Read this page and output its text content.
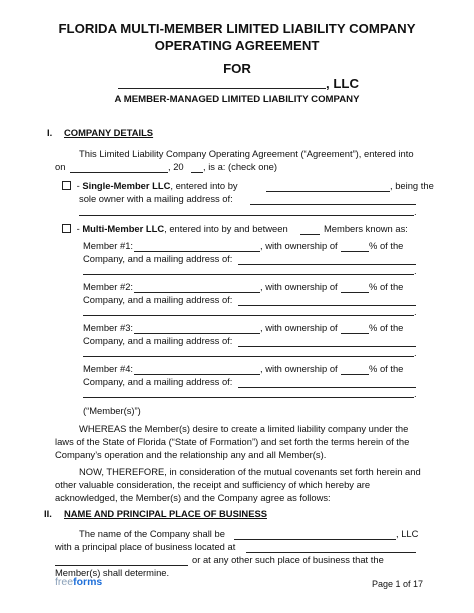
FLORIDA MULTI-MEMBER LIMITED LIABILITY COMPANY
OPERATING AGREEMENT
FOR
, LLC
A MEMBER-MANAGED LIMITED LIABILITY COMPANY
I. COMPANY DETAILS
This Limited Liability Company Operating Agreement (“Agreement”), entered into
on	, 20 , is a: (check one)
- Single-Member LLC, entered into by	, being the
sole owner with a mailing address of:
.
- Multi-Member LLC, entered into by and between	Members known as:
Member #1:	, with ownership of	% of the
Company, and a mailing address of:
.
Member #2:	, with ownership of	% of the
Company, and a mailing address of:
.
Member #3:	, with ownership of	% of the
Company, and a mailing address of:
.
Member #4:	, with ownership of	% of the
Company, and a mailing address of:
.
(“Member(s)”)
WHEREAS the Member(s) desire to create a limited liability company under the
laws of the State of Florida (“State of Formation”) and set forth the terms herein of the
Company’s operation and the relationship any and all Member(s).
NOW, THEREFORE, in consideration of the mutual covenants set forth herein and
other valuable consideration, the receipt and sufficiency of which hereby are
acknowledged, the Member(s) and the Company agree as follows:
II. NAME AND PRINCIPAL PLACE OF BUSINESS
The name of the Company shall be	, LLC
with a principal place of business located at
or at any other such place of business that the
Member(s) shall determine.
freeforms	Page 1 of 17
